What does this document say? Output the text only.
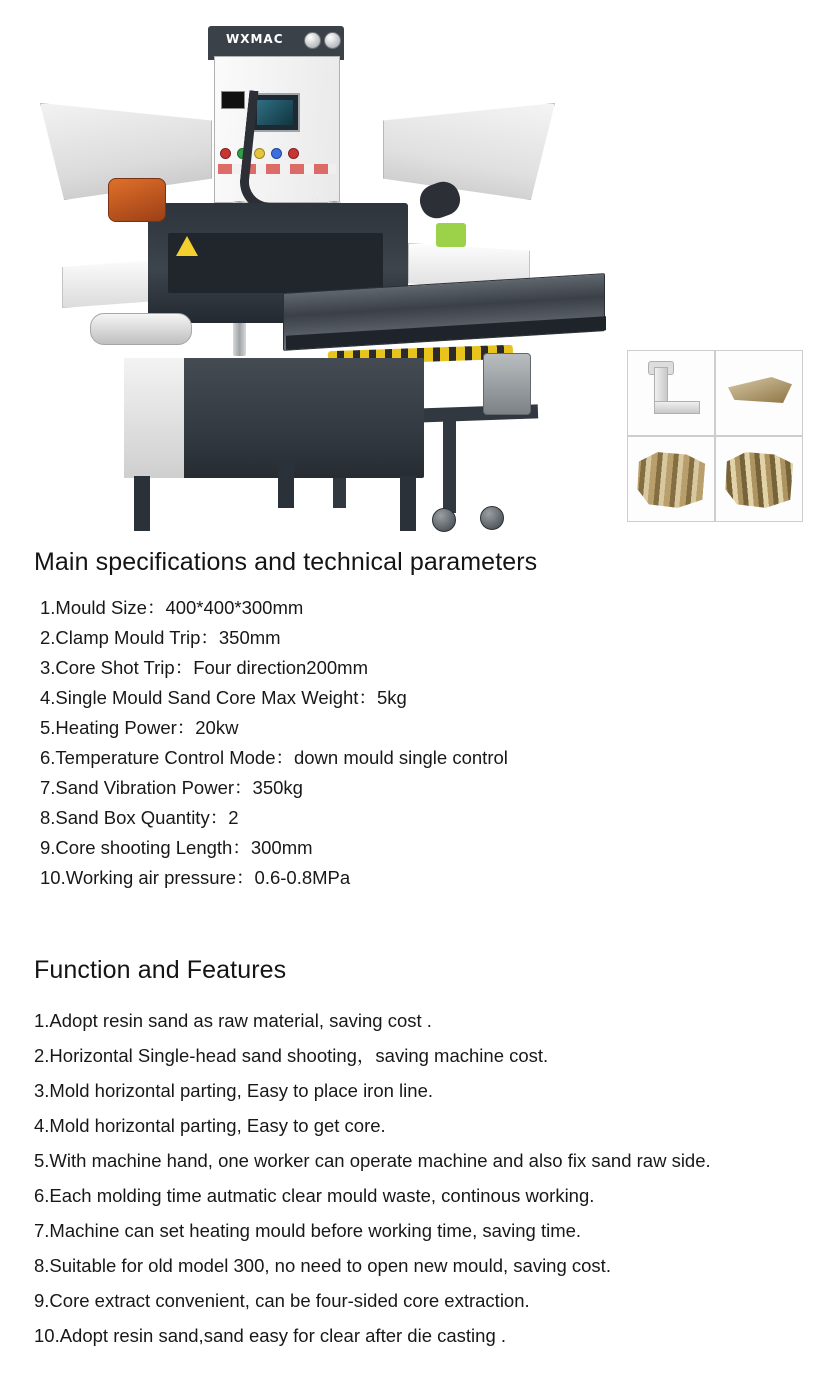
WXMAC
Main specifications and technical parameters
1.Mould Size：400*400*300mm
2.Clamp Mould Trip：350mm
3.Core Shot Trip：Four direction200mm
4.Single Mould Sand Core Max Weight：5kg
5.Heating Power：20kw
6.Temperature Control Mode：down mould single control
7.Sand Vibration Power：350kg
8.Sand Box Quantity：2
9.Core shooting Length：300mm
10.Working air pressure：0.6-0.8MPa
Function and Features
1.Adopt resin sand as raw material, saving cost .
2.Horizontal Single-head sand shooting，saving machine cost.
3.Mold horizontal parting, Easy to place iron line.
4.Mold horizontal parting, Easy to get core.
5.With machine hand, one worker can operate machine and also fix sand raw side.
6.Each molding time autmatic clear mould waste, continous working.
7.Machine can set heating mould before working time, saving time.
8.Suitable for old model 300, no need to open new mould, saving cost.
9.Core extract convenient, can be four-sided core extraction.
10.Adopt resin sand,sand easy for clear after die casting .
